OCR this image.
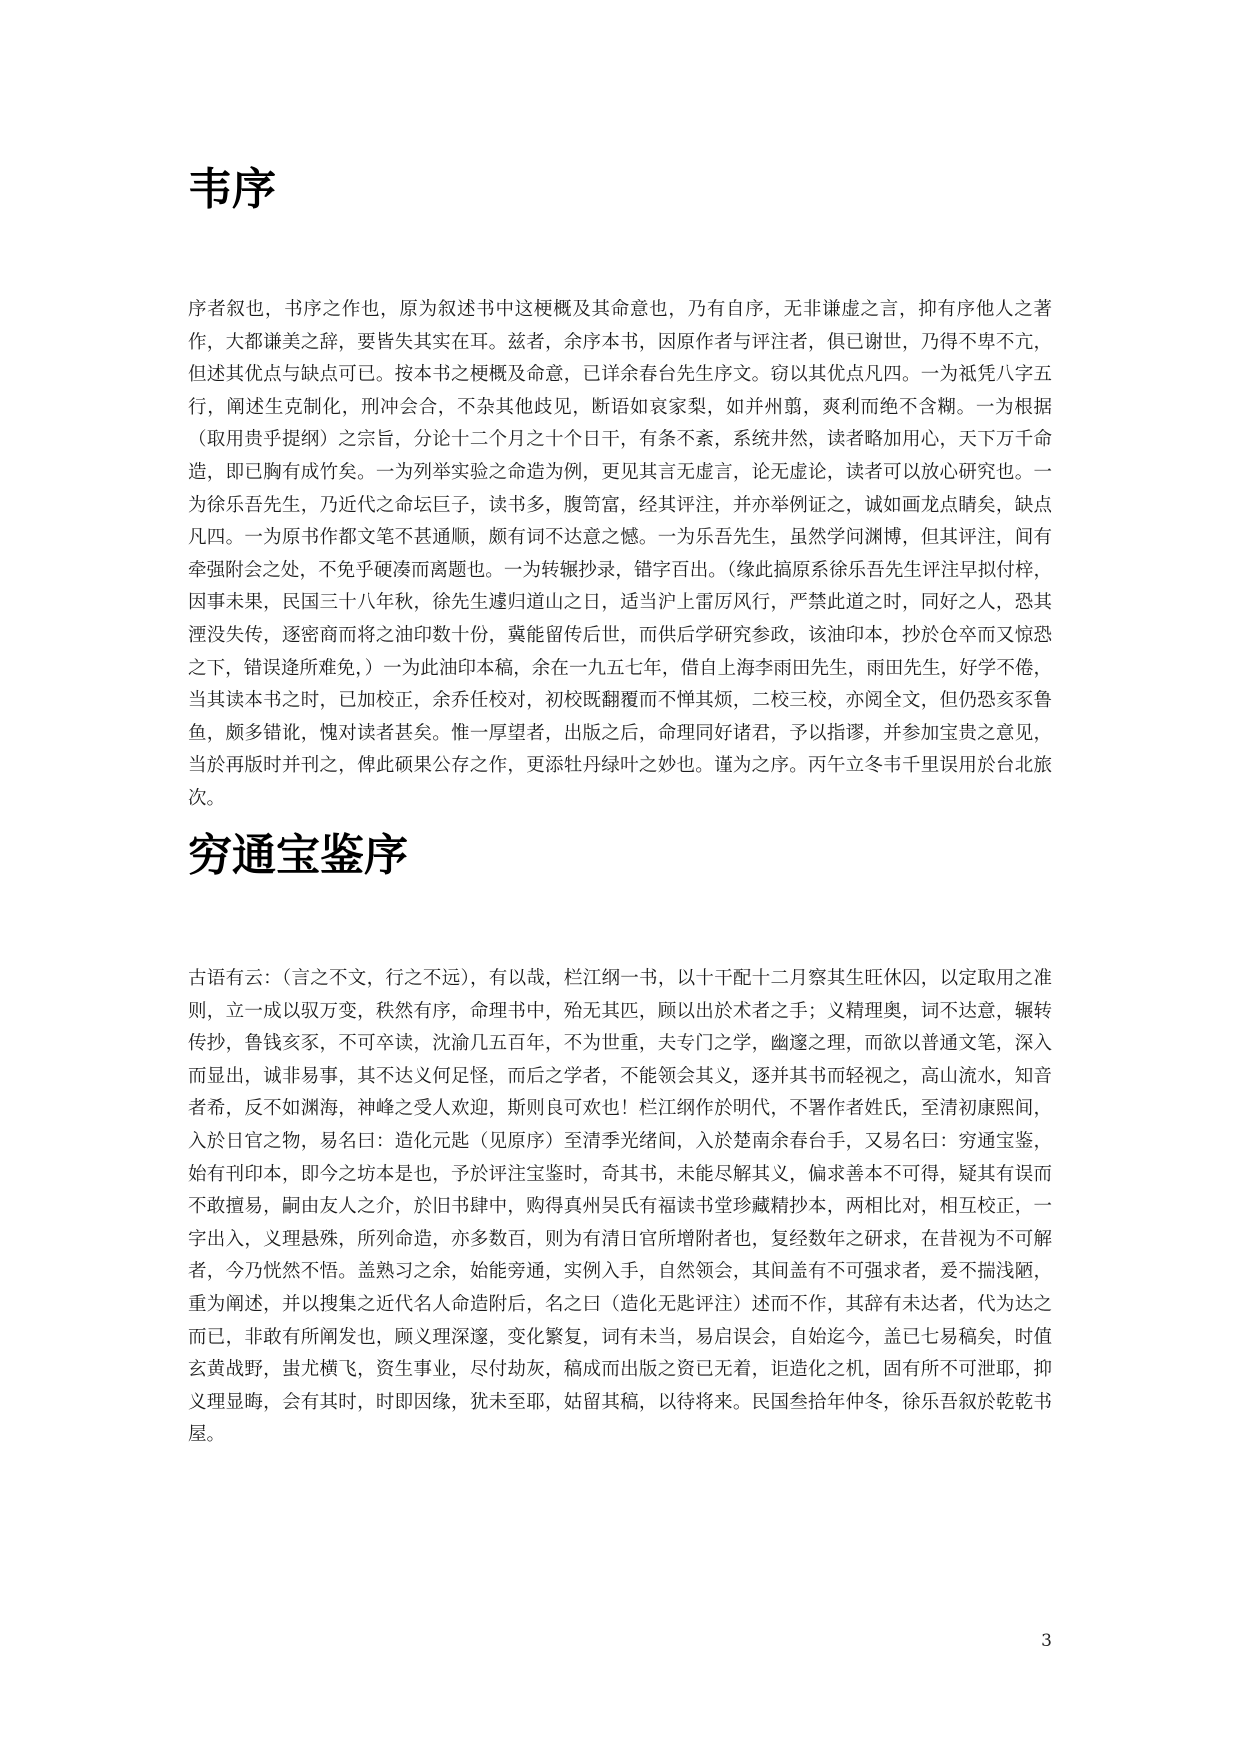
韦序

序者叙也，书序之作也，原为叙述书中这梗概及其命意也，乃有自序，无非谦虚之言，抑有序他人之著作，大都谦美之辞，要皆失其实在耳。兹者，余序本书，因原作者与评注者，俱已谢世，乃得不卑不亢，但述其优点与缺点可已。按本书之梗概及命意，已详余春台先生序文。窃以其优点凡四。一为祗凭八字五行，阐述生克制化，刑冲会合，不杂其他歧见，断语如哀家梨，如并州翦，爽利而绝不含糊。一为根据（取用贵乎提纲）之宗旨，分论十二个月之十个日干，有条不紊，系统井然，读者略加用心，天下万千命造，即已胸有成竹矣。一为列举实验之命造为例，更见其言无虚言，论无虚论，读者可以放心研究也。一为徐乐吾先生，乃近代之命坛巨子，读书多，腹笥富，经其评注，并亦举例证之，诚如画龙点睛矣，缺点凡四。一为原书作都文笔不甚通顺，颇有词不达意之憾。一为乐吾先生，虽然学问渊博，但其评注，间有牵强附会之处，不免乎硬凑而离题也。一为转辗抄录，错字百出。（缘此搞原系徐乐吾先生评注早拟付梓，因事未果，民国三十八年秋，徐先生遽归道山之日，适当沪上雷厉风行，严禁此道之时，同好之人，恐其湮没失传，逐密商而将之油印数十份，冀能留传后世，而供后学研究参政，该油印本，抄於仓卒而又惊恐之下，错误逄所难免，）一为此油印本稿，余在一九五七年，借自上海李雨田先生，雨田先生，好学不倦，当其读本书之时，已加校正，余乔任校对，初校既翻覆而不惮其烦，二校三校，亦阅全文，但仍恐亥豕鲁鱼，颇多错讹，愧对读者甚矣。惟一厚望者，出版之后，命理同好诸君，予以指谬，并参加宝贵之意见，当於再版时并刊之，俾此硕果公存之作，更添牡丹绿叶之妙也。谨为之序。丙午立冬韦千里误用於台北旅次。

穷通宝鉴序

古语有云：（言之不文，行之不远），有以哉，栏江纲一书，以十干配十二月察其生旺休囚，以定取用之准则，立一成以驭万变，秩然有序，命理书中，殆无其匹，顾以出於术者之手；义精理奥，词不达意，辗转传抄，鲁钱亥豕，不可卒读，沈渝几五百年，不为世重，夫专门之学，幽邃之理，而欲以普通文笔，深入而显出，诚非易事，其不达义何足怪，而后之学者，不能领会其义，逐并其书而轻视之，高山流水，知音者希，反不如渊海，神峰之受人欢迎，斯则良可欢也！栏江纲作於明代，不署作者姓氏，至清初康熙间，入於日官之物，易名曰：造化元匙（见原序）至清季光绪间，入於楚南余春台手，又易名曰：穷通宝鉴，始有刊印本，即今之坊本是也，予於评注宝鉴时，奇其书，未能尽解其义，偏求善本不可得，疑其有误而不敢擅易，嗣由友人之介，於旧书肆中，购得真州吴氏有福读书堂珍藏精抄本，两相比对，相互校正，一字出入，义理悬殊，所列命造，亦多数百，则为有清日官所增附者也，复经数年之研求，在昔视为不可解者，今乃恍然不悟。盖熟习之余，始能旁通，实例入手，自然领会，其间盖有不可强求者，爰不揣浅陋，重为阐述，并以搜集之近代名人命造附后，名之曰（造化无匙评注）述而不作，其辞有未达者，代为达之而已，非敢有所阐发也，顾义理深邃，变化繁复，词有未当，易启误会，自始迄今，盖已七易稿矣，时值玄黄战野，蚩尤横飞，资生事业，尽付劫灰，稿成而出版之资已无着，讵造化之机，固有所不可泄耶，抑义理显晦，会有其时，时即因缘，犹未至耶，姑留其稿，以待将来。民国叁拾年仲冬，徐乐吾叙於乾乾书屋。

3
